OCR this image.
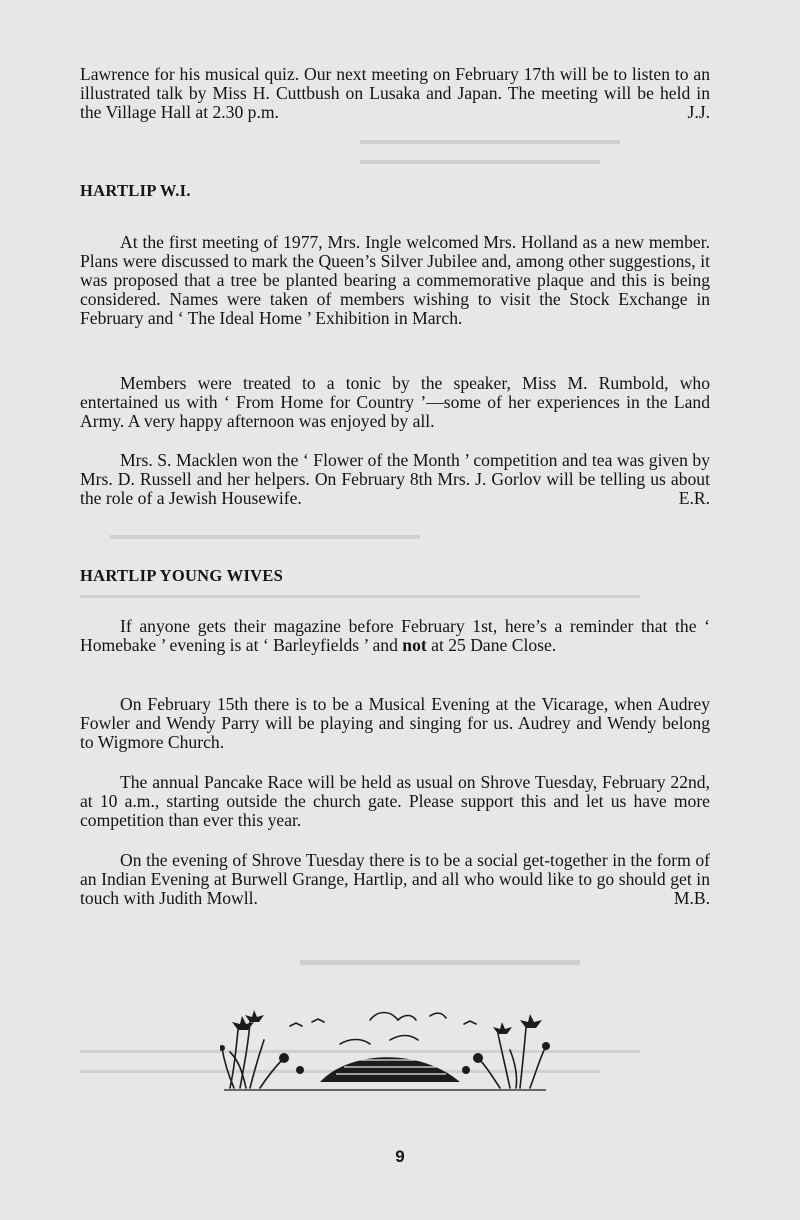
Lawrence for his musical quiz. Our next meeting on February 17th will be to listen to an illustrated talk by Miss H. Cuttbush on Lusaka and Japan. The meeting will be held in the Village Hall at 2.30 p.m.	J.J.

HARTLIP W.I.

At the first meeting of 1977, Mrs. Ingle welcomed Mrs. Holland as a new member. Plans were discussed to mark the Queen’s Silver Jubilee and, among other suggestions, it was proposed that a tree be planted bearing a commemorative plaque and this is being considered. Names were taken of members wishing to visit the Stock Exchange in February and ‘ The Ideal Home ’ Exhibition in March.

Members were treated to a tonic by the speaker, Miss M. Rumbold, who entertained us with ‘ From Home for Country ’—some of her experiences in the Land Army. A very happy afternoon was enjoyed by all.

Mrs. S. Macklen won the ‘ Flower of the Month ’ competition and tea was given by Mrs. D. Russell and her helpers. On February 8th Mrs. J. Gorlov will be telling us about the role of a Jewish Housewife.	E.R.

HARTLIP YOUNG WIVES

If anyone gets their magazine before February 1st, here’s a reminder that the ‘ Homebake ’ evening is at ‘ Barleyfields ’ and not at 25 Dane Close.

On February 15th there is to be a Musical Evening at the Vicarage, when Audrey Fowler and Wendy Parry will be playing and singing for us. Audrey and Wendy belong to Wigmore Church.

The annual Pancake Race will be held as usual on Shrove Tuesday, February 22nd, at 10 a.m., starting outside the church gate. Please support this and let us have more competition than ever this year.

On the evening of Shrove Tuesday there is to be a social get-together in the form of an Indian Evening at Burwell Grange, Hartlip, and all who would like to go should get in touch with Judith Mowll.	M.B.

9
